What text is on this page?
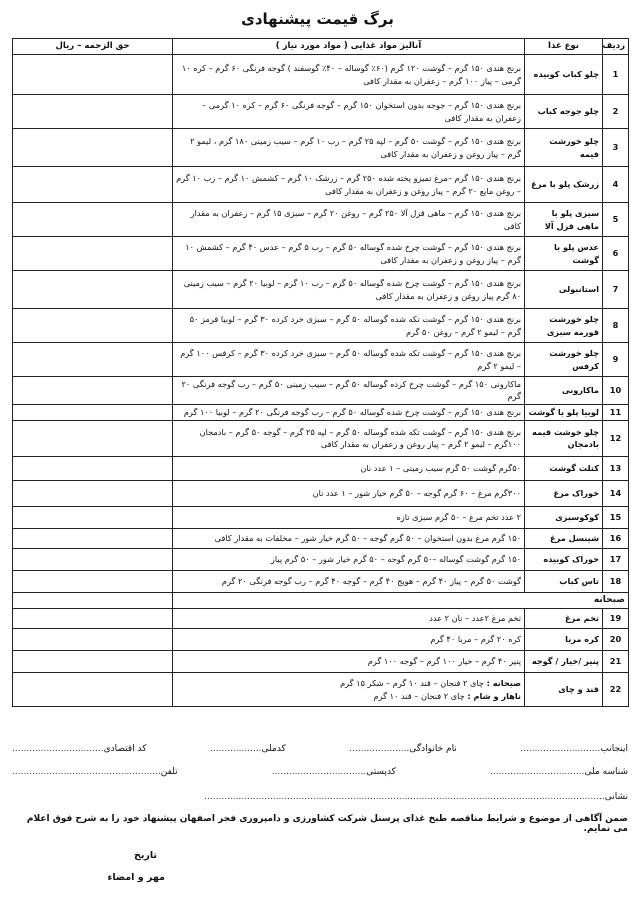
برگ قیمت پیشنهادی
ردیف	نوع غذا	آنالیز مواد غذایی ( مواد مورد نیاز )	حق الزحمه – ریال
1	چلو کباب کوبیده	برنج هندی ۱۵۰ گرم – گوشت ۱۲۰ گرم (۶۰٪ گوساله – ۴۰٪ گوسفند ) گوجه فرنگی ۶۰ گرم – کره ۱۰ گرمی – پیاز ۱۰۰ گرم – زعفران به مقدار کافی	
2	چلو جوجه کباب	برنج هندی ۱۵۰ گرم – جوجه بدون استخوان ۱۵۰ گرم – گوجه فرنگی ۶۰ گرم – کره ۱۰ گرمی – زعفران به مقدار کافی	
3	چلو خورشت قیمه	برنج هندی ۱۵۰ گرم – گوشت ۵۰ گرم – لپه ۲۵ گرم – رب ۱۰ گرم – سیب زمینی ۱۸۰ گرم ، لیمو ۲ گرم – پیاز روغن و زعفران به مقدار کافی	
4	زرشک پلو با مرغ	برنج هندی ۱۵۰ گرم –مرغ تمیزو پخته شده ۲۵۰ گرم – زرشک ۱۰ گرم – کشمش ۱۰ گرم – رب ۱۰ گرم – روغن مایع ۲۰ گرم – پیاز روغن و زعفران به مقدار کافی	
5	سبزی پلو با ماهی قزل آلا	برنج هندی ۱۵۰ گرم – ماهی قزل آلا ۲۵۰ گرم – روغن ۲۰ گرم – سبزی ۱۵ گرم – زعفران به مقدار کافی	
6	عدس پلو با گوشت	برنج هندی ۱۵۰ گرم – گوشت چرخ شده گوساله ۵۰ گرم – رب ۵ گرم – عدس ۴۰ گرم – کشمش ۱۰ گرم – پیاز روغن و زعفران به مقدار کافی	
7	استانبولی	برنج هندی ۱۵۰ گرم – گوشت چرخ شده گوساله ۵۰ گرم – رب ۱۰ گرم – لوبیا ۲۰ گرم – سیب زمینی ۸۰ گرم پیاز روغن و زعفران به مقدار کافی	
8	چلو خورشت قورمه سبزی	برنج هندی ۱۵۰ گرم – گوشت تکه شده گوساله ۵۰ گرم – سبزی خرد کرده ۳۰ گرم – لوبیا قرمز ۵۰ گرم – لیمو ۲ گرم – روغن ۵۰ گرم	
9	چلو خورشت کرفس	برنج هندی ۱۵۰ گرم – گوشت تکه شده گوساله ۵۰ گرم – سبزی خرد کرده ۳۰ گرم – کرفس ۱۰۰ گرم – لیمو ۲ گرم	
10	ماکارونی	ماکارونی ۱۵۰ گرم – گوشت چرخ کرده گوساله ۵۰ گرم – سیب زمینی ۵۰ گرم – رب گوجه فرنگی ۲۰ گرم	
11	لوبیا پلو با گوشت	برنج هندی ۱۵۰ گرم – گوشت چرخ شده گوساله ۵۰ گرم – رب گوجه فرنگی ۲۰ گرم – لوبیا ۱۰۰ گرم	
12	چلو خوشت قیمه بادمجان	برنج هندی ۱۵۰ گرم – گوشت تکه شده گوساله ۵۰ گرم – لپه ۲۵ گرم – گوجه ۵۰ گرم – بادمجان ۱۰۰گرم – لیمو ۲ گرم – پیاز روغن و زعفران به مقدار کافی	
13	کتلت گوشت	۵۰گرم گوشت ۵۰ گرم سیب زمینی – ۱ عدد نان	
14	خوراک مرغ	۳۰۰گرم مرغ – ۶۰ گرم گوجه – ۵۰ گرم خیار شور – ۱ عدد نان	
15	کوکوسبزی	۲ عدد تخم مرغ – ۵۰ گرم سبزی تازه	
16	شینسل مرغ	۱۵۰ گرم مرغ بدون استخوان – ۵۰ گرم گوجه – ۵۰ گرم خیار شور – مخلفات به مقدار کافی	
17	خوراک کوبیده	۱۵۰ گرم گوشت گوساله –۵۰ گرم گوجه – ۵۰ گرم خیار شور – ۵۰ گرم پیاز	
18	تاس کباب	گوشت ۵۰ گرم – پیاز ۴۰ گرم – هویج ۴۰ گرم – گوجه ۴۰ گرم – رب گوجه فرنگی ۲۰ گرم	
صبحانه			
19	تخم مرغ	تخم مرغ ۲عدد – نان ۲ عدد	
20	کره مربا	کره ۲۰ گرم – مربا ۴۰ گرم	
21	پنیر /خیار / گوجه	پنیر ۴۰ گرم – خیار ۱۰۰ گرم – گوجه ۱۰۰ گرم	
22	قند و چای	صبحانه : چای ۲ فنجان – قند ۱۰ گرم – شکر ۱۵ گرم
ناهار و شام : چای ۲ فنجان – قند ۱۰ گرم	

اینجانب............................
نام خانوادگی.....................
کدملی..................
کد اقتصادی................................
شناسه ملی.................................
کدپستی.................................
تلفن....................................................
نشانی............................................................................................................................................
ضمن آگاهی از موضوع و شرایط مناقصه طبخ غذای پرسنل شرکت کشاورزی و دامپروری فجر اصفهان پیشنهاد خود را به شرح فوق اعلام می نمایم.
تاریخ
مهر و امضاء
